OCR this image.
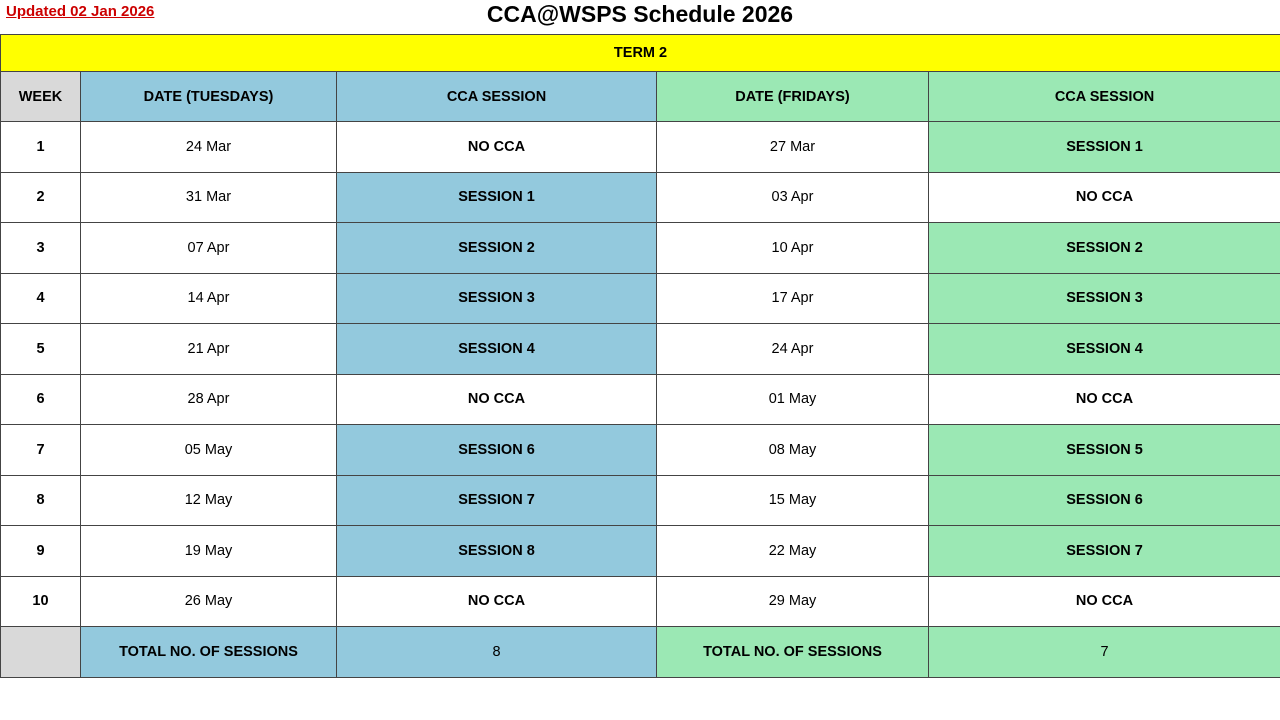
Updated 02 Jan 2026	CCA@WSPS Schedule 2026
TERM 2				
WEEK	DATE (TUESDAYS)	CCA SESSION	DATE (FRIDAYS)	CCA SESSION
1	24 Mar	NO CCA	27 Mar	SESSION 1
2	31 Mar	SESSION 1	03 Apr	NO CCA
3	07 Apr	SESSION 2	10 Apr	SESSION 2
4	14 Apr	SESSION 3	17 Apr	SESSION 3
5	21 Apr	SESSION 4	24 Apr	SESSION 4
6	28 Apr	NO CCA	01 May	NO CCA
7	05 May	SESSION 6	08 May	SESSION 5
8	12 May	SESSION 7	15 May	SESSION 6
9	19 May	SESSION 8	22 May	SESSION 7
10	26 May	NO CCA	29 May	NO CCA
	TOTAL NO. OF SESSIONS	8	TOTAL NO. OF SESSIONS	7
